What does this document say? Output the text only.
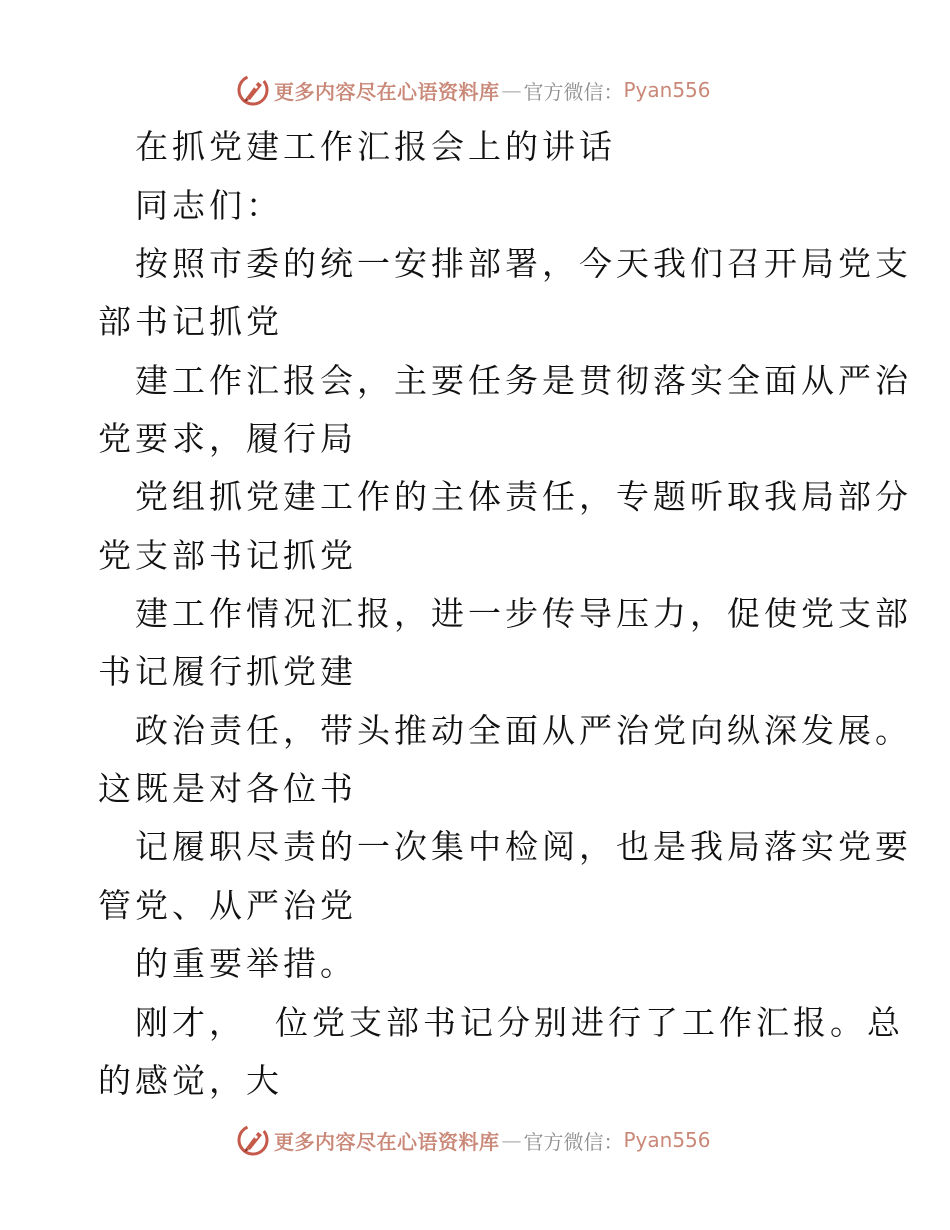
更多内容尽在心语资料库 — 官方微信： Pyan556
在抓党建工作汇报会上的讲话
同志们：
按照市委的统一安排部署，今天我们召开局党支
部书记抓党
建工作汇报会，主要任务是贯彻落实全面从严治
党要求，履行局
党组抓党建工作的主体责任，专题听取我局部分
党支部书记抓党
建工作情况汇报，进一步传导压力，促使党支部
书记履行抓党建
政治责任，带头推动全面从严治党向纵深发展。
这既是对各位书
记履职尽责的一次集中检阅，也是我局落实党要
管党、从严治党
的重要举措。
刚才，  位党支部书记分别进行了工作汇报。总
的感觉，大
更多内容尽在心语资料库 — 官方微信： Pyan556
